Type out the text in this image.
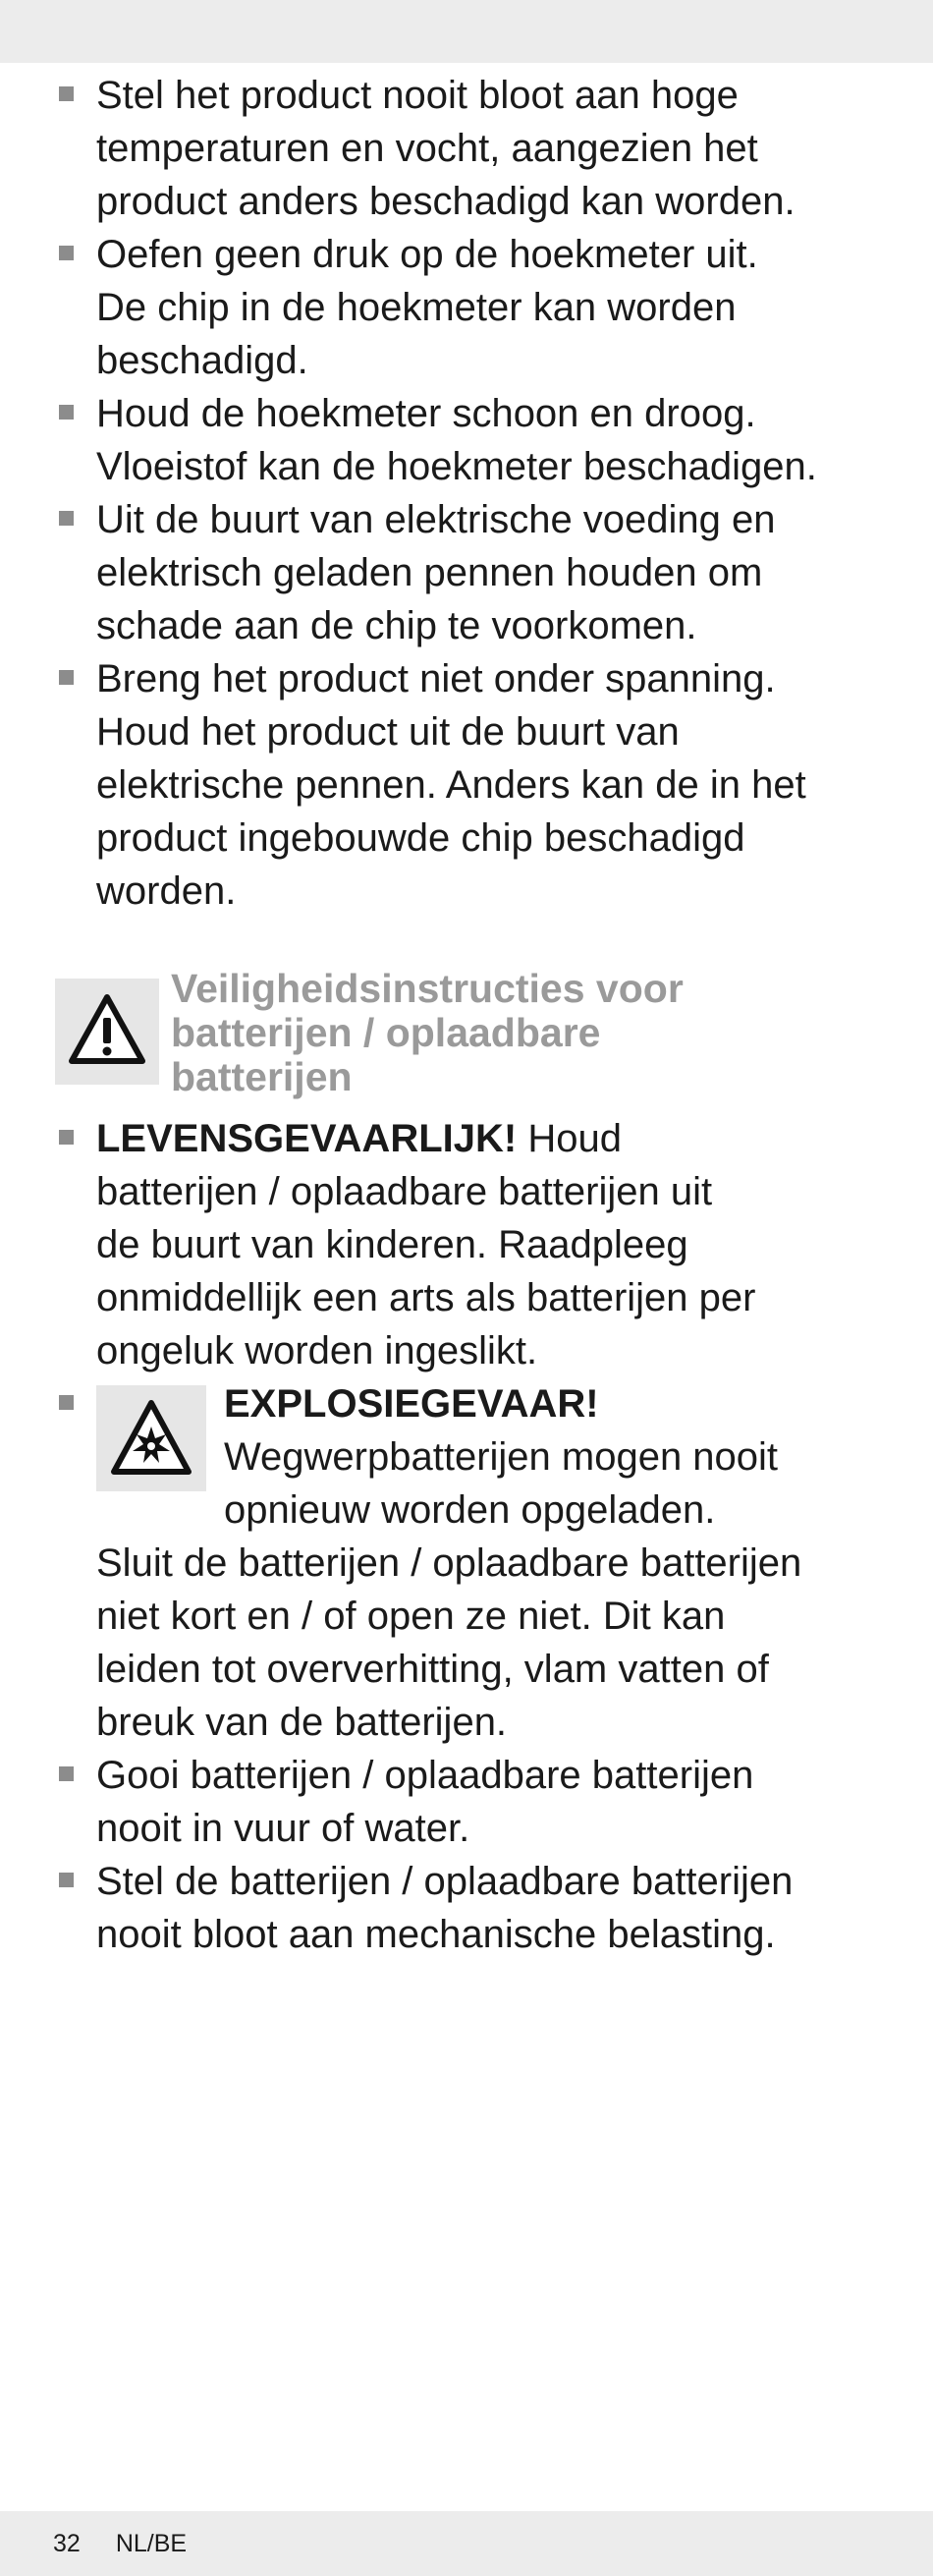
Stel het product nooit bloot aan hoge
temperaturen en vocht, aangezien het
product anders beschadigd kan worden.
Oefen geen druk op de hoekmeter uit.
De chip in de hoekmeter kan worden
beschadigd.
Houd de hoekmeter schoon en droog.
Vloeistof kan de hoekmeter beschadigen.
Uit de buurt van elektrische voeding en
elektrisch geladen pennen houden om
schade aan de chip te voorkomen.
Breng het product niet onder spanning.
Houd het product uit de buurt van
elektrische pennen. Anders kan de in het
product ingebouwde chip beschadigd
worden.
Veiligheidsinstructies voor
batterijen / oplaadbare
batterijen
LEVENSGEVAARLIJK! Houd
batterijen / oplaadbare batterijen uit
de buurt van kinderen. Raadpleeg
onmiddellijk een arts als batterijen per
ongeluk worden ingeslikt.
EXPLOSIEGEVAAR!
Wegwerpbatterijen mogen nooit
opnieuw worden opgeladen.
Sluit de batterijen / oplaadbare batterijen
niet kort en / of open ze niet. Dit kan
leiden tot oververhitting, vlam vatten of
breuk van de batterijen.
Gooi batterijen / oplaadbare batterijen
nooit in vuur of water.
Stel de batterijen / oplaadbare batterijen
nooit bloot aan mechanische belasting.
32 NL/BE
